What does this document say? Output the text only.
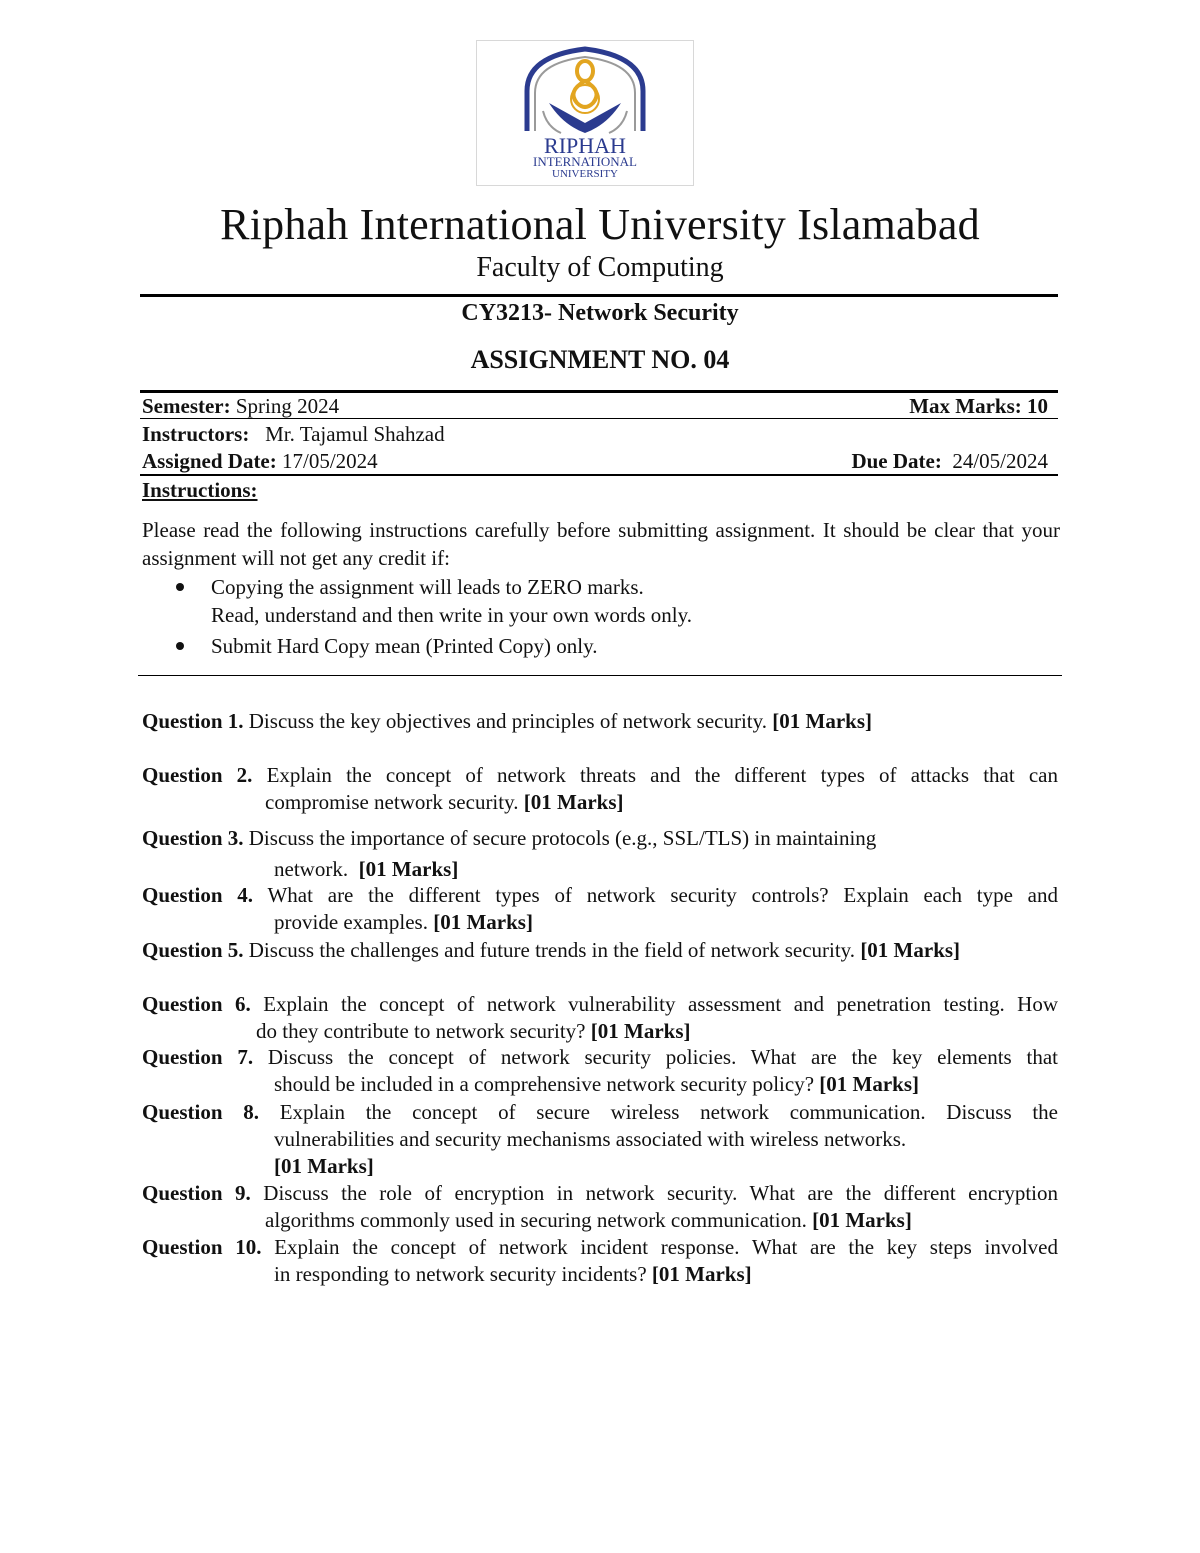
RIPHAH
INTERNATIONAL
UNIVERSITY
Riphah International University Islamabad
Faculty of Computing
CY3213- Network Security
ASSIGNMENT NO. 04
Semester: Spring 2024	Max Marks: 10
Instructors:   Mr. Tajamul Shahzad
Assigned Date: 17/05/2024	Due Date:  24/05/2024
Instructions:
Please read the following instructions carefully before submitting assignment. It should be clear that your assignment will not get any credit if:
Copying the assignment will leads to ZERO marks.
Read, understand and then write in your own words only.
Submit Hard Copy mean (Printed Copy) only.
Question 1. Discuss the key objectives and principles of network security. [01 Marks]
Question 2. Explain the concept of network threats and the different types of attacks that can
compromise network security. [01 Marks]
Question 3. Discuss the importance of secure protocols (e.g., SSL/TLS) in maintaining
network.  [01 Marks]
Question 4. What are the different types of network security controls? Explain each type and
provide examples. [01 Marks]
Question 5. Discuss the challenges and future trends in the field of network security. [01 Marks]
Question 6. Explain the concept of network vulnerability assessment and penetration testing. How
do they contribute to network security? [01 Marks]
Question 7. Discuss the concept of network security policies. What are the key elements that
should be included in a comprehensive network security policy? [01 Marks]
Question 8. Explain the concept of secure wireless network communication. Discuss the
vulnerabilities and security mechanisms associated with wireless networks.
[01 Marks]
Question 9. Discuss the role of encryption in network security. What are the different encryption
algorithms commonly used in securing network communication. [01 Marks]
Question 10. Explain the concept of network incident response. What are the key steps involved
in responding to network security incidents? [01 Marks]
